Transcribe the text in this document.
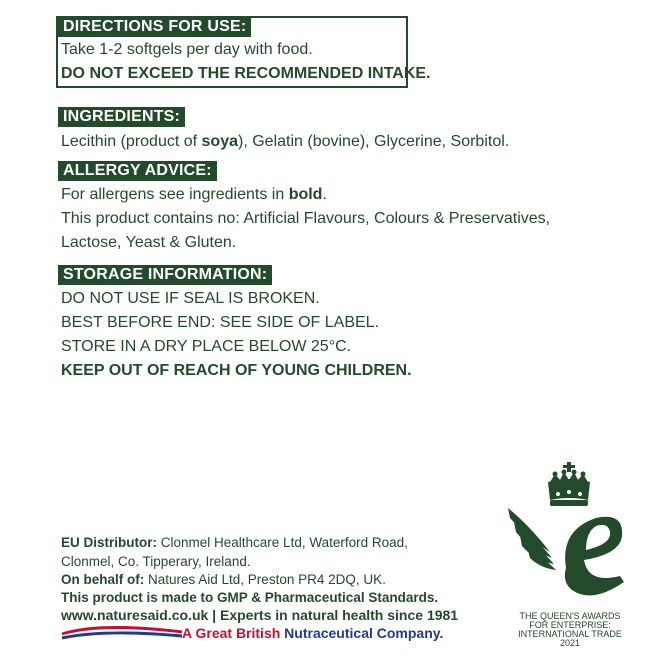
DIRECTIONS FOR USE:
Take 1-2 softgels per day with food.
DO NOT EXCEED THE RECOMMENDED INTAKE.
INGREDIENTS:
Lecithin (product of soya), Gelatin (bovine), Glycerine, Sorbitol.
ALLERGY ADVICE:
For allergens see ingredients in bold.
This product contains no: Artificial Flavours, Colours & Preservatives,
Lactose, Yeast & Gluten.
STORAGE INFORMATION:
DO NOT USE IF SEAL IS BROKEN.
BEST BEFORE END: SEE SIDE OF LABEL.
STORE IN A DRY PLACE BELOW 25°C.
KEEP OUT OF REACH OF YOUNG CHILDREN.
EU Distributor: Clonmel Healthcare Ltd, Waterford Road,
Clonmel, Co. Tipperary, Ireland.
On behalf of: Natures Aid Ltd, Preston PR4 2DQ, UK.
This product is made to GMP & Pharmaceutical Standards.
www.naturesaid.co.uk | Experts in natural health since 1981
A Great British Nutraceutical Company.
THE QUEEN'S AWARDS
FOR ENTERPRISE:
INTERNATIONAL TRADE
2021
